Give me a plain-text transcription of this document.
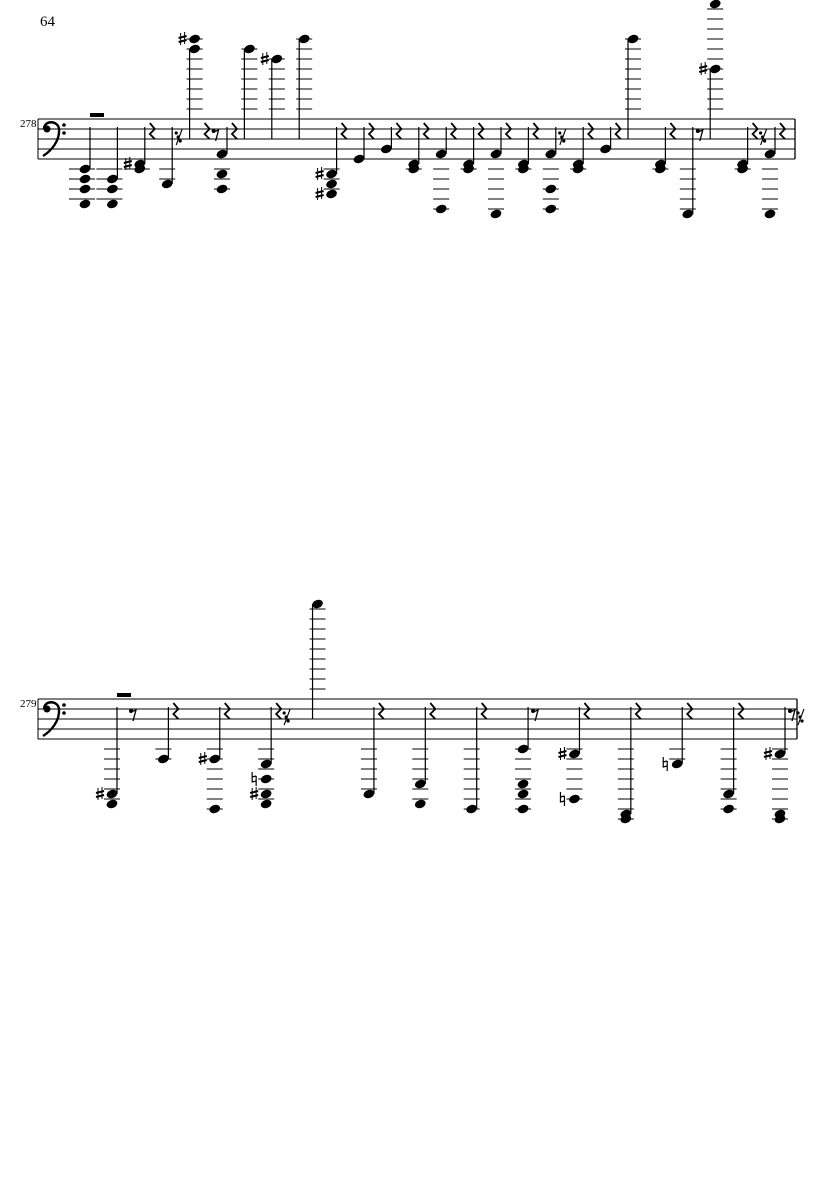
64
278
279
